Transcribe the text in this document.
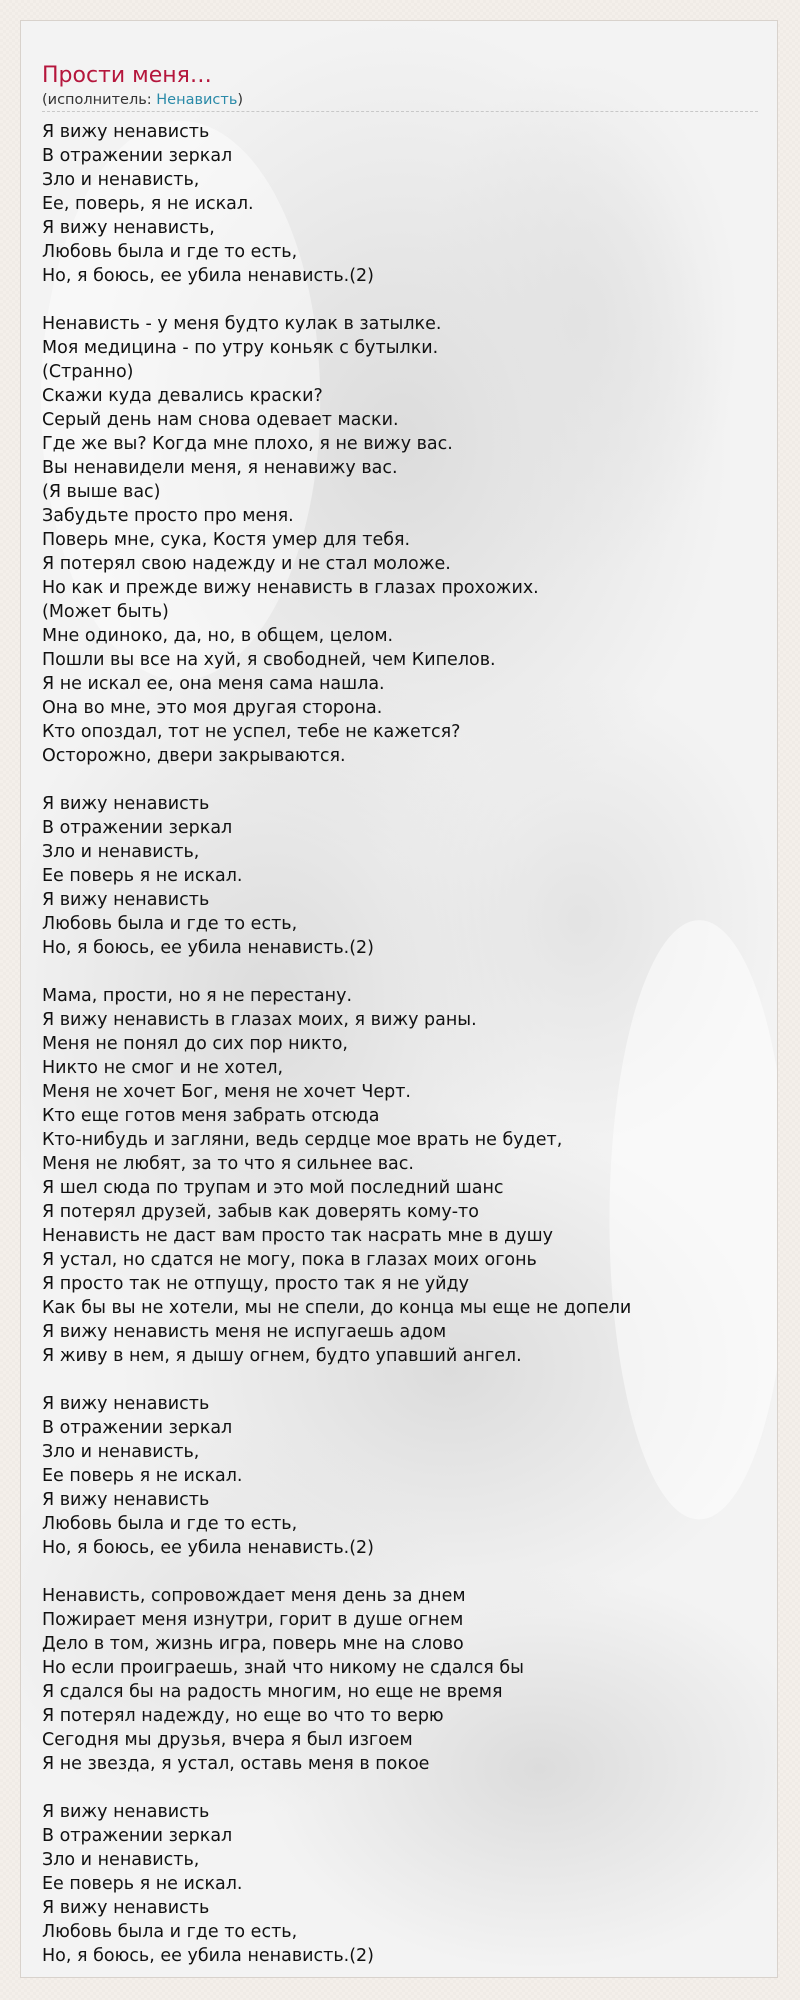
Прости меня…
(исполнитель: Ненависть)
Я вижу ненависть
В отражении зеркал
Зло и ненависть,
Ее, поверь, я не искал.
Я вижу ненависть,
Любовь была и где то есть,
Но, я боюсь, ее убила ненависть.(2)
Ненависть - у меня будто кулак в затылке.
Моя медицина - по утру коньяк с бутылки.
(Странно)
Скажи куда девались краски?
Серый день нам снова одевает маски.
Где же вы? Когда мне плохо, я не вижу вас.
Вы ненавидели меня, я ненавижу вас.
(Я выше вас)
Забудьте просто про меня.
Поверь мне, сука, Костя умер для тебя.
Я потерял свою надежду и не стал моложе.
Но как и прежде вижу ненависть в глазах прохожих.
(Может быть)
Мне одиноко, да, но, в общем, целом.
Пошли вы все на хуй, я свободней, чем Кипелов.
Я не искал ее, она меня сама нашла.
Она во мне, это моя другая сторона.
Кто опоздал, тот не успел, тебе не кажется?
Осторожно, двери закрываются.
Я вижу ненависть
В отражении зеркал
Зло и ненависть,
Ее поверь я не искал.
Я вижу ненависть
Любовь была и где то есть,
Но, я боюсь, ее убила ненависть.(2)
Мама, прости, но я не перестану.
Я вижу ненависть в глазах моих, я вижу раны.
Меня не понял до сих пор никто,
Никто не смог и не хотел,
Меня не хочет Бог, меня не хочет Черт.
Кто еще готов меня забрать отсюда
Кто-нибудь и загляни, ведь сердце мое врать не будет,
Меня не любят, за то что я сильнее вас.
Я шел сюда по трупам и это мой последний шанс
Я потерял друзей, забыв как доверять кому-то
Ненависть не даст вам просто так насрать мне в душу
Я устал, но сдатся не могу, пока в глазах моих огонь
Я просто так не отпущу, просто так я не уйду
Как бы вы не хотели, мы не спели, до конца мы еще не допели
Я вижу ненависть меня не испугаешь адом
Я живу в нем, я дышу огнем, будто упавший ангел.
Я вижу ненависть
В отражении зеркал
Зло и ненависть,
Ее поверь я не искал.
Я вижу ненависть
Любовь была и где то есть,
Но, я боюсь, ее убила ненависть.(2)
Ненависть, сопровождает меня день за днем
Пожирает меня изнутри, горит в душе огнем
Дело в том, жизнь игра, поверь мне на слово
Но если проиграешь, знай что никому не сдался бы
Я сдался бы на радость многим, но еще не время
Я потерял надежду, но еще во что то верю
Сегодня мы друзья, вчера я был изгоем
Я не звезда, я устал, оставь меня в покое
Я вижу ненависть
В отражении зеркал
Зло и ненависть,
Ее поверь я не искал.
Я вижу ненависть
Любовь была и где то есть,
Но, я боюсь, ее убила ненависть.(2)
